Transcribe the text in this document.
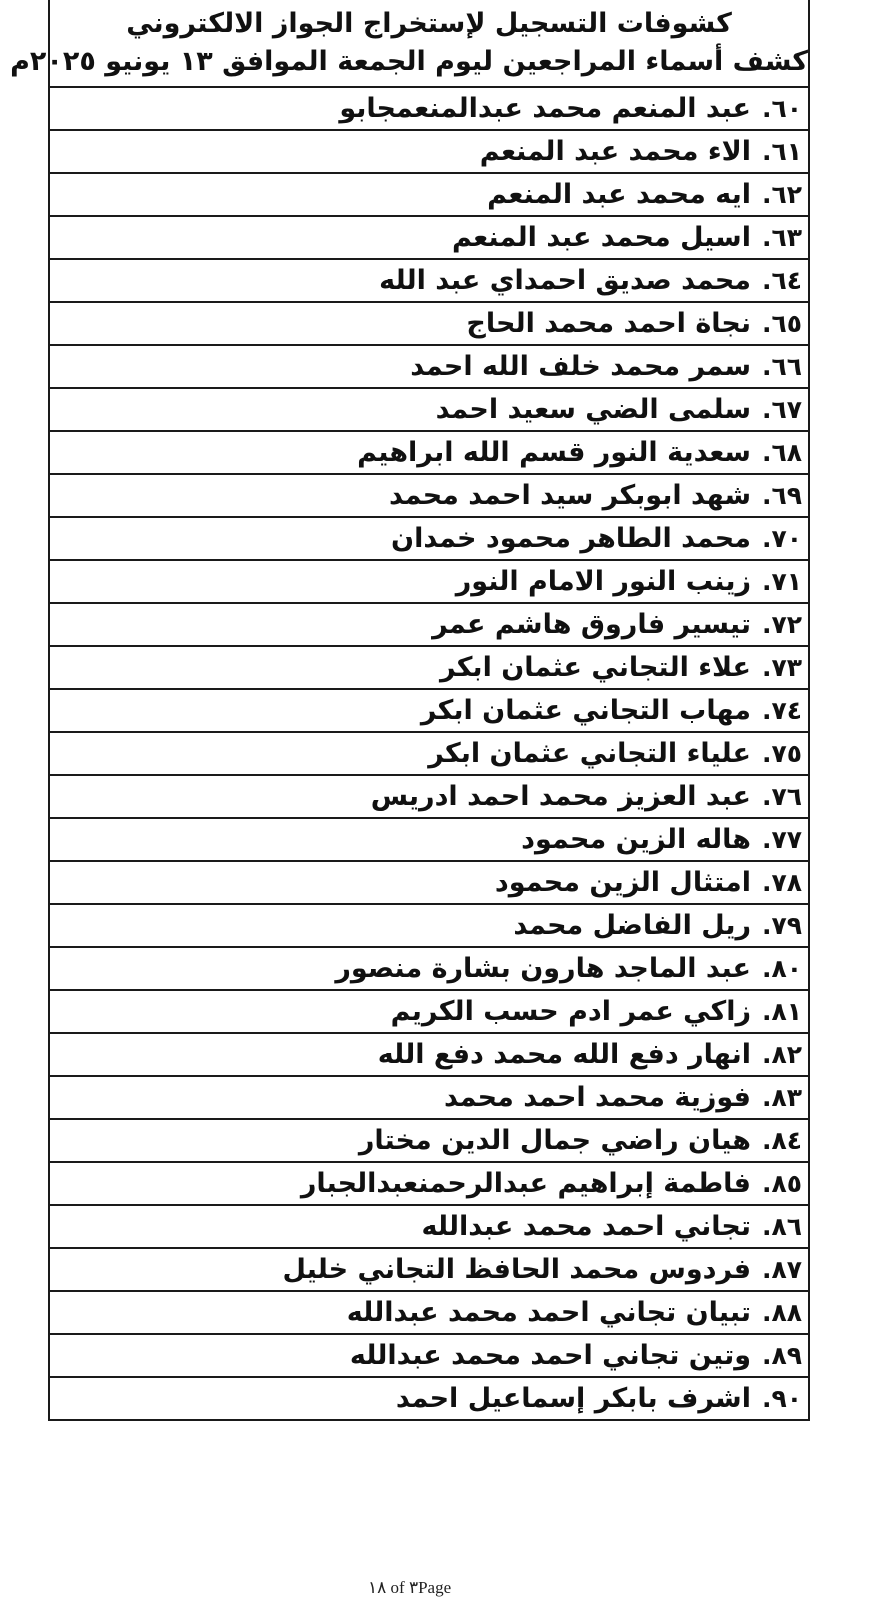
كشوفات التسجيل لإستخراج الجواز الالكتروني
كشف أسماء المراجعين ليوم الجمعة الموافق ١٣ يونيو ٢٠٢٥م
عبد المنعم محمد عبدالمنعمجابو	٦٠.
الاء محمد عبد المنعم	٦١.
ايه محمد عبد المنعم	٦٢.
اسيل محمد عبد المنعم	٦٣.
محمد صديق احمداي عبد الله	٦٤.
نجاة احمد محمد الحاج	٦٥.
سمر محمد خلف الله احمد	٦٦.
سلمى الضي سعيد احمد	٦٧.
سعدية النور قسم الله ابراهيم	٦٨.
شهد ابوبكر سيد احمد محمد	٦٩.
محمد الطاهر محمود خمدان	٧٠.
زينب النور الامام النور	٧١.
تيسير فاروق هاشم عمر	٧٢.
علاء التجاني عثمان ابكر	٧٣.
مهاب التجاني عثمان ابكر	٧٤.
علياء التجاني عثمان ابكر	٧٥.
عبد العزيز محمد احمد ادريس	٧٦.
هاله الزين محمود	٧٧.
امتثال الزين محمود	٧٨.
ريل الفاضل محمد	٧٩.
عبد الماجد هارون بشارة منصور	٨٠.
زاكي عمر ادم حسب الكريم	٨١.
انهار دفع الله محمد دفع الله	٨٢.
فوزية محمد احمد محمد	٨٣.
هيان راضي جمال الدين مختار	٨٤.
فاطمة إبراهيم عبدالرحمنعبدالجبار	٨٥.
تجاني احمد محمد عبدالله	٨٦.
فردوس محمد الحافظ التجاني خليل	٨٧.
تبيان تجاني احمد محمد عبدالله	٨٨.
وتين تجاني احمد محمد عبدالله	٨٩.
اشرف بابكر إسماعيل احمد	٩٠.
١٨ of ٣Page
